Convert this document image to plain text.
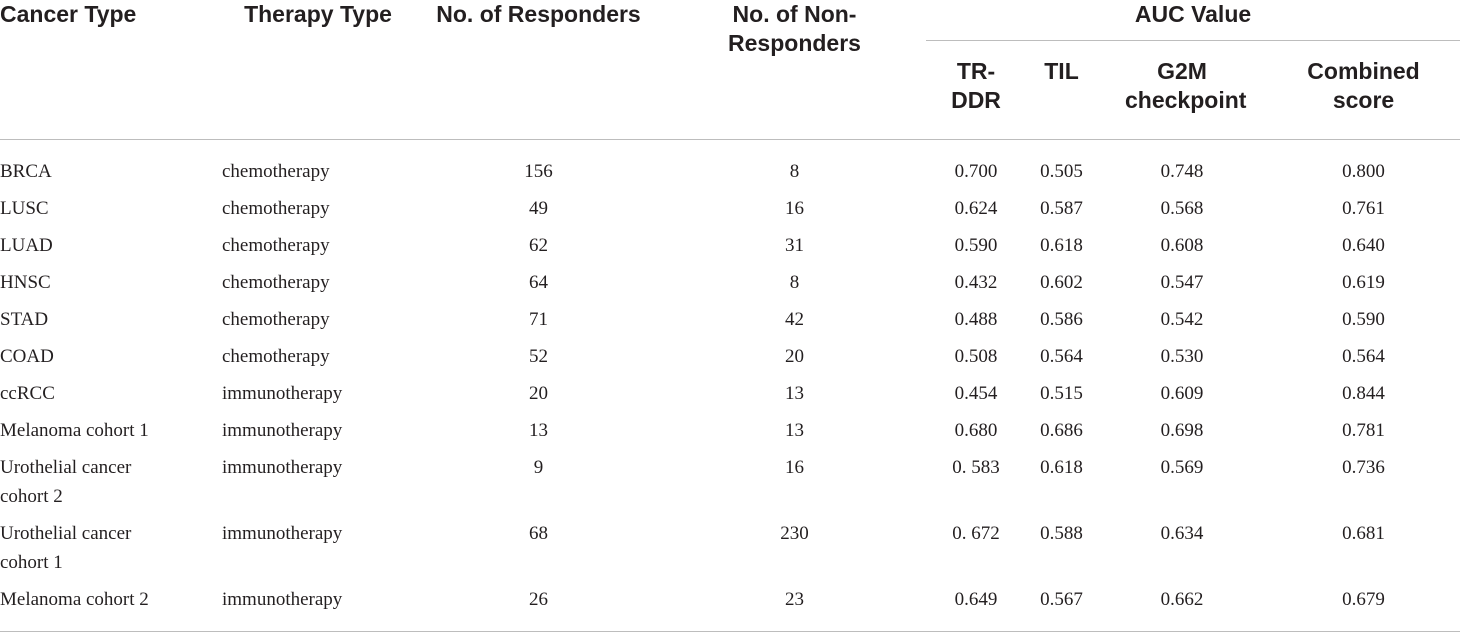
Cancer Type	Therapy Type	No. of Responders	No. of Non-Responders	AUC Value			

				TR-DDR	TIL	G2M checkpoint	Combined score
BRCA	chemotherapy	156	8	0.700	0.505	0.748	0.800
LUSC	chemotherapy	49	16	0.624	0.587	0.568	0.761
LUAD	chemotherapy	62	31	0.590	0.618	0.608	0.640
HNSC	chemotherapy	64	8	0.432	0.602	0.547	0.619
STAD	chemotherapy	71	42	0.488	0.586	0.542	0.590
COAD	chemotherapy	52	20	0.508	0.564	0.530	0.564
ccRCC	immunotherapy	20	13	0.454	0.515	0.609	0.844
Melanoma cohort 1	immunotherapy	13	13	0.680	0.686	0.698	0.781
Urothelial cancer cohort 2	immunotherapy	9	16	0. 583	0.618	0.569	0.736
Urothelial cancer cohort 1	immunotherapy	68	230	0. 672	0.588	0.634	0.681
Melanoma cohort 2	immunotherapy	26	23	0.649	0.567	0.662	0.679
